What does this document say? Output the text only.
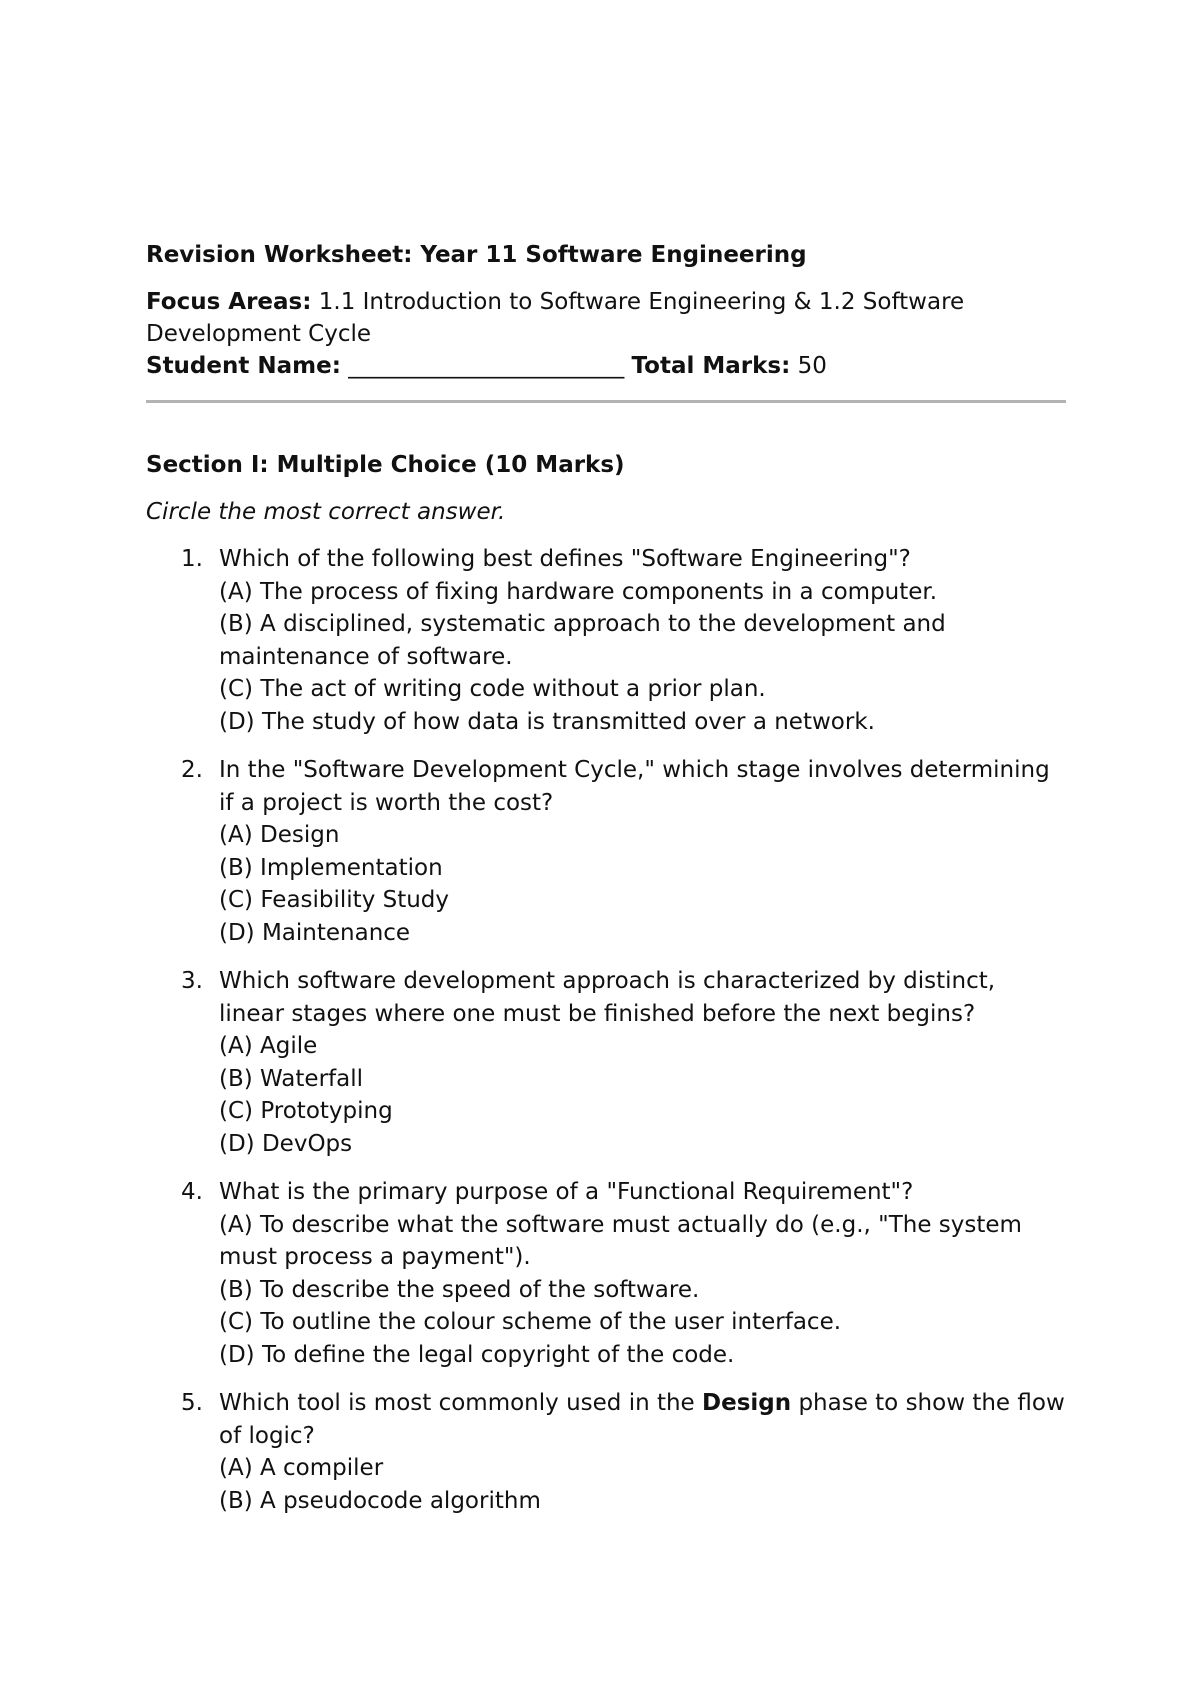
Revision Worksheet: Year 11 Software Engineering
Focus Areas: 1.1 Introduction to Software Engineering & 1.2 Software Development Cycle
Student Name: ________________________ Total Marks: 50
Section I: Multiple Choice (10 Marks)
Circle the most correct answer.
1. Which of the following best defines "Software Engineering"?
(A) The process of fixing hardware components in a computer.
(B) A disciplined, systematic approach to the development and maintenance of software.
(C) The act of writing code without a prior plan.
(D) The study of how data is transmitted over a network.
2. In the "Software Development Cycle," which stage involves determining if a project is worth the cost?
(A) Design
(B) Implementation
(C) Feasibility Study
(D) Maintenance
3. Which software development approach is characterized by distinct, linear stages where one must be finished before the next begins?
(A) Agile
(B) Waterfall
(C) Prototyping
(D) DevOps
4. What is the primary purpose of a "Functional Requirement"?
(A) To describe what the software must actually do (e.g., "The system must process a payment").
(B) To describe the speed of the software.
(C) To outline the colour scheme of the user interface.
(D) To define the legal copyright of the code.
5. Which tool is most commonly used in the Design phase to show the flow of logic?
(A) A compiler
(B) A pseudocode algorithm
